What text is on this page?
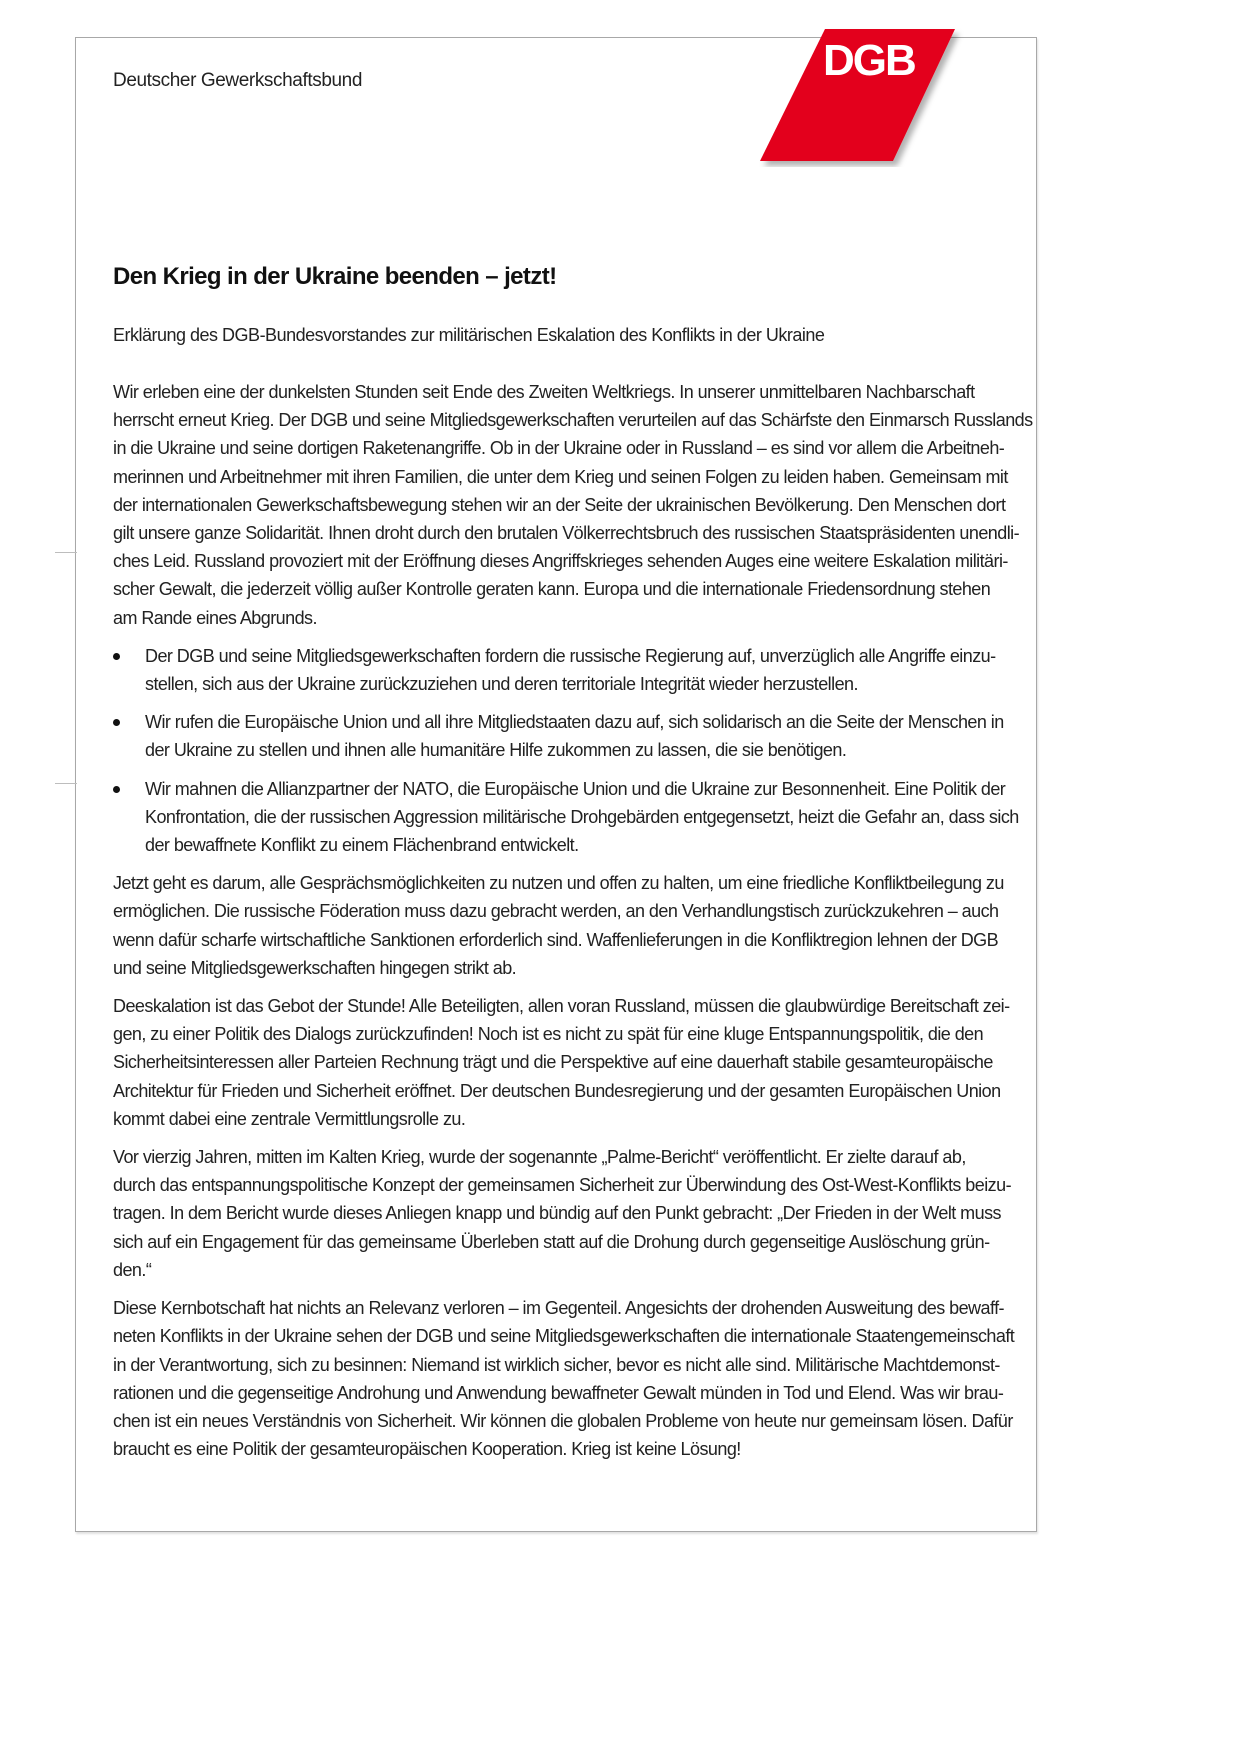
Deutscher Gewerkschaftsbund	DGB
Den Krieg in der Ukraine beenden – jetzt!
Erklärung des DGB-Bundesvorstandes zur militärischen Eskalation des Konflikts in der Ukraine

Wir erleben eine der dunkelsten Stunden seit Ende des Zweiten Weltkriegs. In unserer unmittelbaren Nachbarschaft
herrscht erneut Krieg. Der DGB und seine Mitgliedsgewerkschaften verurteilen auf das Schärfste den Einmarsch Russlands
in die Ukraine und seine dortigen Raketenangriffe. Ob in der Ukraine oder in Russland – es sind vor allem die Arbeitneh-
merinnen und Arbeitnehmer mit ihren Familien, die unter dem Krieg und seinen Folgen zu leiden haben. Gemeinsam mit
der internationalen Gewerkschaftsbewegung stehen wir an der Seite der ukrainischen Bevölkerung. Den Menschen dort
gilt unsere ganze Solidarität. Ihnen droht durch den brutalen Völkerrechtsbruch des russischen Staatspräsidenten unendli-
ches Leid. Russland provoziert mit der Eröffnung dieses Angriffskrieges sehenden Auges eine weitere Eskalation militäri-
scher Gewalt, die jederzeit völlig außer Kontrolle geraten kann. Europa und die internationale Friedensordnung stehen
am Rande eines Abgrunds.

Der DGB und seine Mitgliedsgewerkschaften fordern die russische Regierung auf, unverzüglich alle Angriffe einzu-
stellen, sich aus der Ukraine zurückzuziehen und deren territoriale Integrität wieder herzustellen.
Wir rufen die Europäische Union und all ihre Mitgliedstaaten dazu auf, sich solidarisch an die Seite der Menschen in
der Ukraine zu stellen und ihnen alle humanitäre Hilfe zukommen zu lassen, die sie benötigen.
Wir mahnen die Allianzpartner der NATO, die Europäische Union und die Ukraine zur Besonnenheit. Eine Politik der
Konfrontation, die der russischen Aggression militärische Drohgebärden entgegensetzt, heizt die Gefahr an, dass sich
der bewaffnete Konflikt zu einem Flächenbrand entwickelt.

Jetzt geht es darum, alle Gesprächsmöglichkeiten zu nutzen und offen zu halten, um eine friedliche Konfliktbeilegung zu
ermöglichen. Die russische Föderation muss dazu gebracht werden, an den Verhandlungstisch zurückzukehren – auch
wenn dafür scharfe wirtschaftliche Sanktionen erforderlich sind. Waffenlieferungen in die Konfliktregion lehnen der DGB
und seine Mitgliedsgewerkschaften hingegen strikt ab.

Deeskalation ist das Gebot der Stunde! Alle Beteiligten, allen voran Russland, müssen die glaubwürdige Bereitschaft zei-
gen, zu einer Politik des Dialogs zurückzufinden! Noch ist es nicht zu spät für eine kluge Entspannungspolitik, die den
Sicherheitsinteressen aller Parteien Rechnung trägt und die Perspektive auf eine dauerhaft stabile gesamteuropäische
Architektur für Frieden und Sicherheit eröffnet. Der deutschen Bundesregierung und der gesamten Europäischen Union
kommt dabei eine zentrale Vermittlungsrolle zu.

Vor vierzig Jahren, mitten im Kalten Krieg, wurde der sogenannte „Palme-Bericht“ veröffentlicht. Er zielte darauf ab,
durch das entspannungspolitische Konzept der gemeinsamen Sicherheit zur Überwindung des Ost-West-Konflikts beizu-
tragen. In dem Bericht wurde dieses Anliegen knapp und bündig auf den Punkt gebracht: „Der Frieden in der Welt muss
sich auf ein Engagement für das gemeinsame Überleben statt auf die Drohung durch gegenseitige Auslöschung grün-
den.“

Diese Kernbotschaft hat nichts an Relevanz verloren – im Gegenteil. Angesichts der drohenden Ausweitung des bewaff-
neten Konflikts in der Ukraine sehen der DGB und seine Mitgliedsgewerkschaften die internationale Staatengemeinschaft
in der Verantwortung, sich zu besinnen: Niemand ist wirklich sicher, bevor es nicht alle sind. Militärische Machtdemonst-
rationen und die gegenseitige Androhung und Anwendung bewaffneter Gewalt münden in Tod und Elend. Was wir brau-
chen ist ein neues Verständnis von Sicherheit. Wir können die globalen Probleme von heute nur gemeinsam lösen. Dafür
braucht es eine Politik der gesamteuropäischen Kooperation. Krieg ist keine Lösung!
